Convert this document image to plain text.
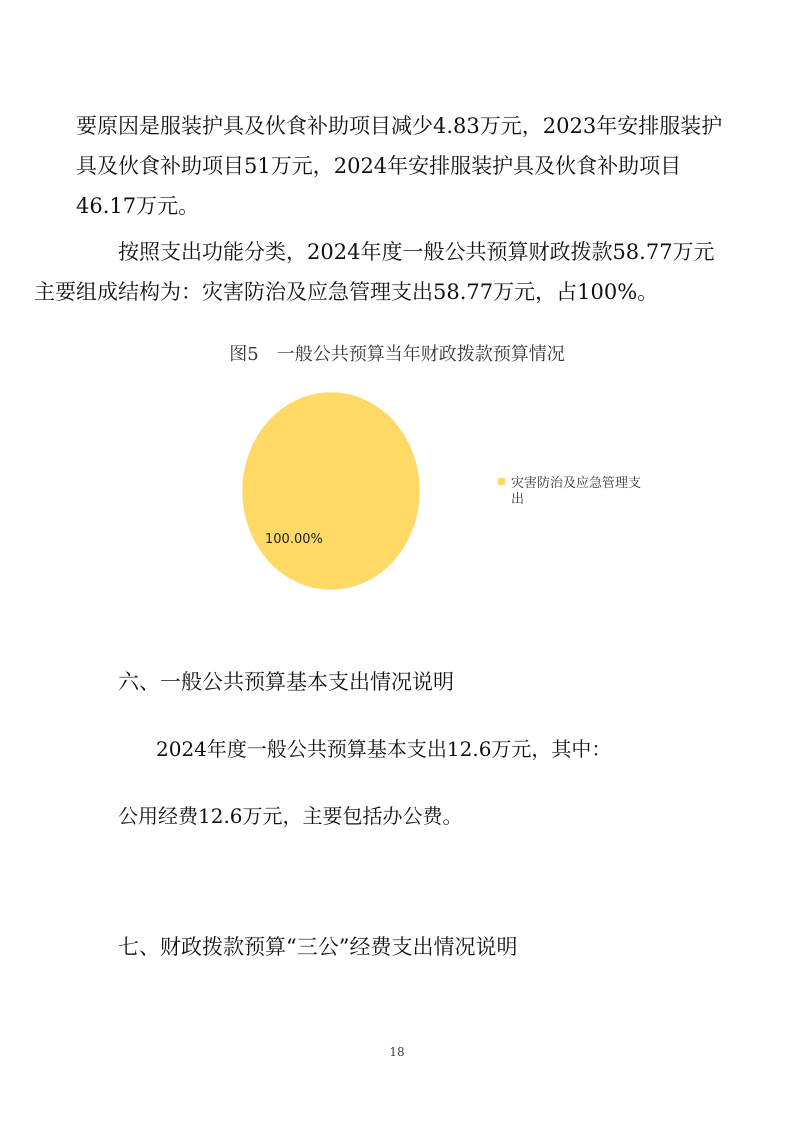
要原因是服装护具及伙食补助项目减少4.83万元，2023年安排服装护
具及伙食补助项目51万元，2024年安排服装护具及伙食补助项目
46.17万元。

按照支出功能分类，2024年度一般公共预算财政拨款58.77万元
主要组成结构为：灾害防治及应急管理支出58.77万元，占100%。

图5　一般公共预算当年财政拨款预算情况
100.00%
灾害防治及应急管理支
出
六、一般公共预算基本支出情况说明
2024年度一般公共预算基本支出12.6万元，其中：
公用经费12.6万元，主要包括办公费。
七、财政拨款预算“三公”经费支出情况说明
18
